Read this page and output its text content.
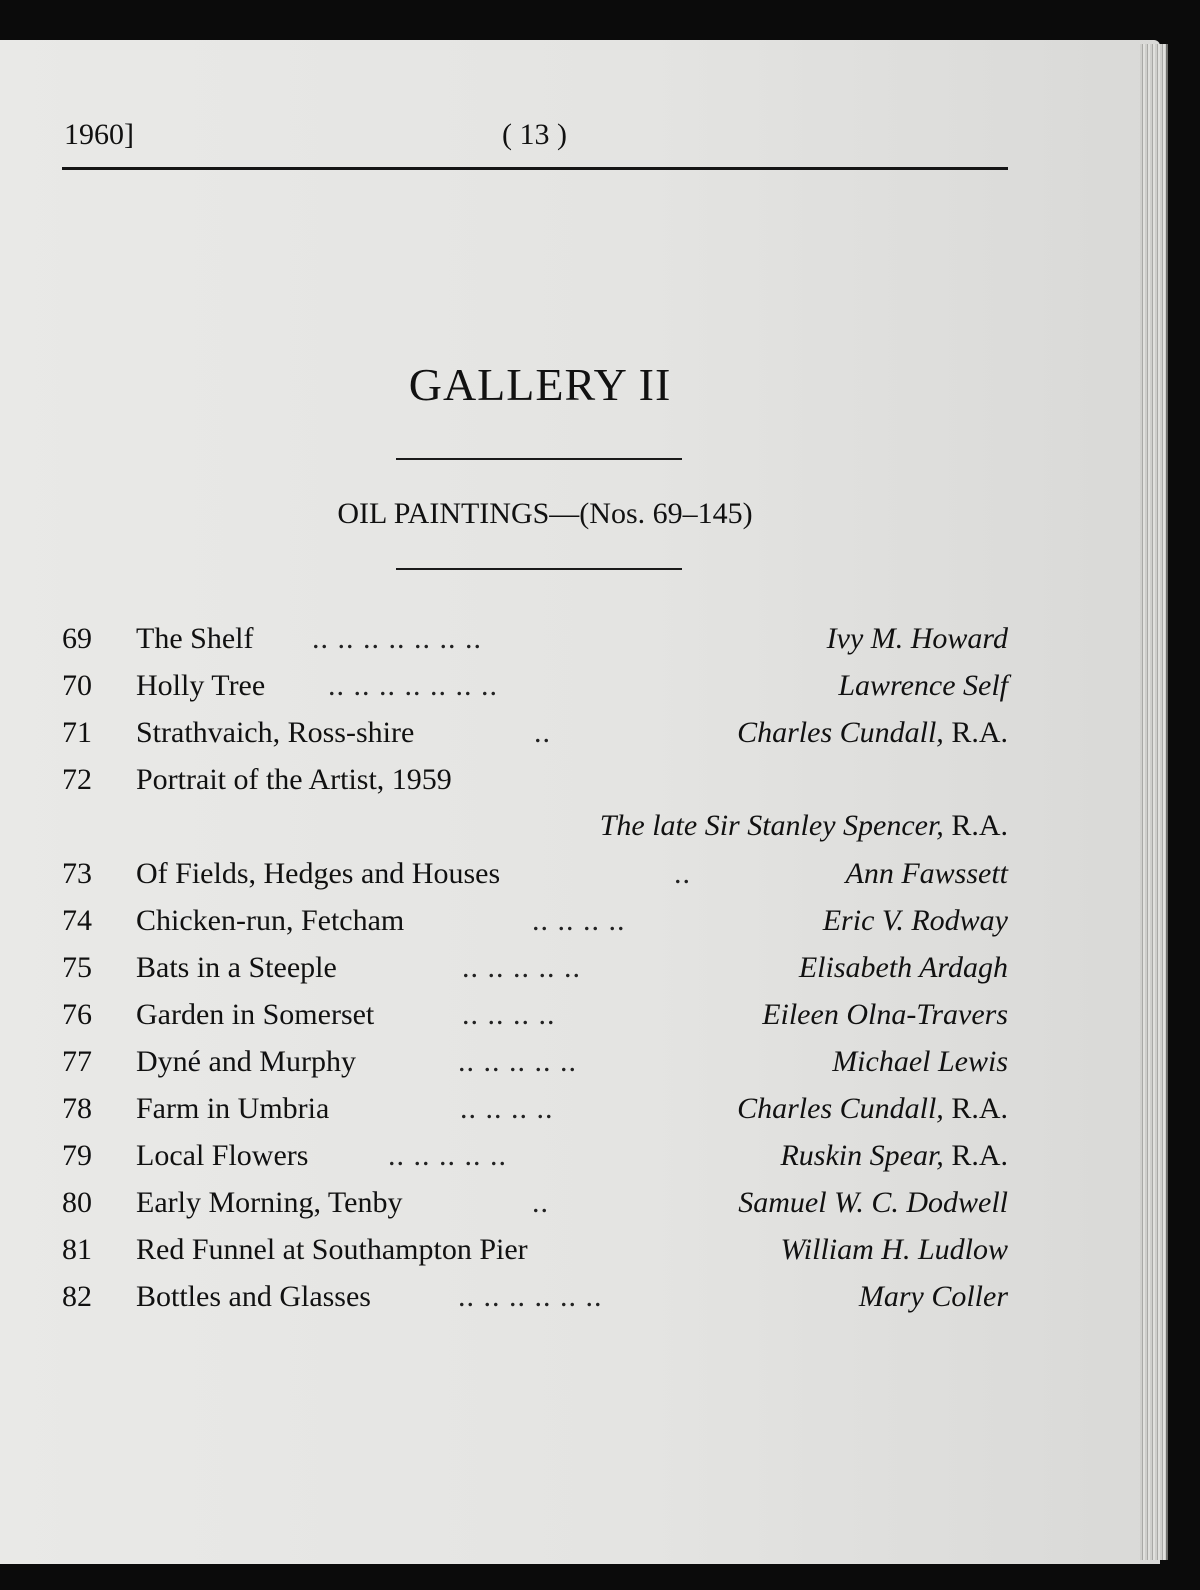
1960]	( 13 )
GALLERY II
OIL PAINTINGS—(Nos. 69–145)
69	The Shelf .. .. .. .. .. .. ..	Ivy M. Howard
70	Holly Tree .. .. .. .. .. .. ..	Lawrence Self
71	Strathvaich, Ross-shire	..	Charles Cundall, R.A.
72	Portrait of the Artist, 1959
The late Sir Stanley Spencer, R.A.
73	Of Fields, Hedges and Houses	..	Ann Fawssett
74	Chicken-run, Fetcham	.. .. .. ..	Eric V. Rodway
75	Bats in a Steeple	.. .. .. .. ..	Elisabeth Ardagh
76	Garden in Somerset	.. .. .. ..	Eileen Olna-Travers
77	Dyné and Murphy	.. .. .. .. ..	Michael Lewis
78	Farm in Umbria	.. .. .. ..	Charles Cundall, R.A.
79	Local Flowers	.. .. .. .. ..	Ruskin Spear, R.A.
80	Early Morning, Tenby	..	Samuel W. C. Dodwell
81	Red Funnel at Southampton Pier	William H. Ludlow
82	Bottles and Glasses	.. .. .. .. .. ..	Mary Coller
